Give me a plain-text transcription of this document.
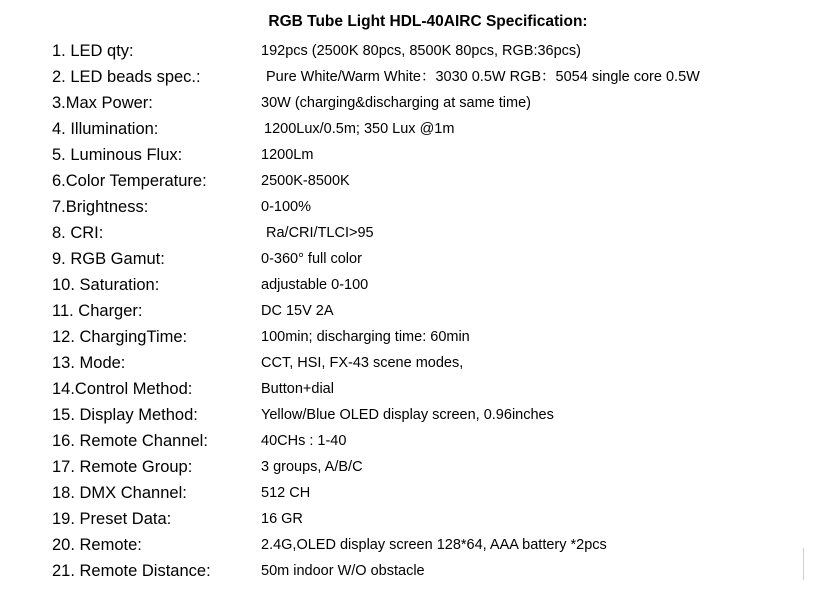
RGB Tube Light HDL-40AIRC Specification:
1. LED qty:	192pcs (2500K 80pcs, 8500K 80pcs, RGB:36pcs)
2. LED beads spec.:	Pure White/Warm White：3030 0.5W RGB：5054 single core 0.5W
3.Max Power:	30W (charging&discharging at same time)
4. Illumination:	1200Lux/0.5m; 350 Lux @1m
5. Luminous Flux:	1200Lm
6.Color Temperature:	2500K-8500K
7.Brightness:	0-100%
8. CRI:	Ra/CRI/TLCI>95
9. RGB Gamut:	0-360° full color
10. Saturation:	adjustable 0-100
11. Charger:	DC 15V 2A
12. ChargingTime:	100min; discharging time: 60min
13. Mode:	CCT, HSI, FX-43 scene modes,
14.Control Method:	Button+dial
15. Display Method:	Yellow/Blue OLED display screen, 0.96inches
16. Remote Channel:	40CHs : 1-40
17. Remote Group:	3 groups, A/B/C
18. DMX Channel:	512 CH
19. Preset Data:	16 GR
20. Remote:	2.4G,OLED display screen 128*64, AAA battery *2pcs
21. Remote Distance:	50m indoor W/O obstacle
